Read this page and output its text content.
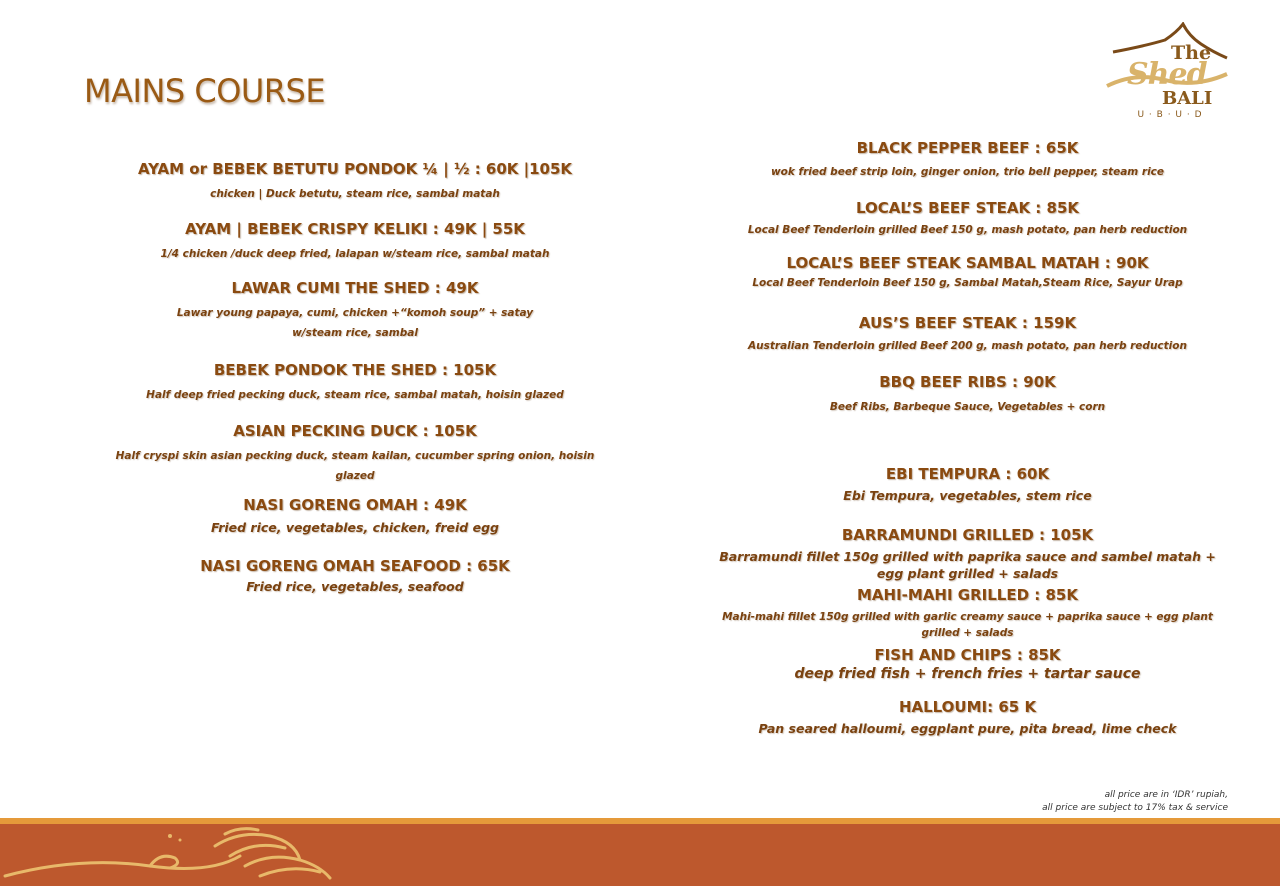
MAINS COURSE
The
Shed
BALI
U · B · U · D
AYAM or BEBEK BETUTU PONDOK ¼ | ½ : 60K |105K
chicken | Duck betutu, steam rice, sambal matah
AYAM | BEBEK CRISPY KELIKI : 49K | 55K
1/4 chicken /duck deep fried, lalapan w/steam rice, sambal matah
LAWAR CUMI THE SHED : 49K
Lawar young papaya, cumi, chicken +“komoh soup” + satay
w/steam rice, sambal
BEBEK PONDOK THE SHED : 105K
Half deep fried pecking duck, steam rice, sambal matah, hoisin glazed
ASIAN PECKING DUCK : 105K
Half cryspi skin asian pecking duck, steam kailan, cucumber spring onion, hoisin glazed
NASI GORENG OMAH : 49K
Fried rice, vegetables, chicken, freid egg
NASI GORENG OMAH SEAFOOD : 65K
Fried rice, vegetables, seafood
BLACK PEPPER BEEF : 65K
wok fried beef strip loin, ginger onion, trio bell pepper, steam rice
LOCAL’S BEEF STEAK : 85K
Local Beef Tenderloin grilled Beef 150 g, mash potato, pan herb reduction
LOCAL’S BEEF STEAK SAMBAL MATAH : 90K
Local Beef Tenderloin Beef 150 g, Sambal Matah,Steam Rice, Sayur Urap
AUS’S BEEF STEAK : 159K
Australian Tenderloin grilled Beef 200 g, mash potato, pan herb reduction
BBQ BEEF RIBS : 90K
Beef Ribs, Barbeque Sauce, Vegetables + corn
EBI TEMPURA : 60K
Ebi Tempura, vegetables, stem rice
BARRAMUNDI GRILLED : 105K
Barramundi fillet 150g grilled with paprika sauce and sambel matah + egg plant grilled + salads
MAHI-MAHI GRILLED : 85K
Mahi-mahi fillet 150g grilled with garlic creamy sauce + paprika sauce + egg plant grilled + salads
FISH AND CHIPS : 85K
deep fried fish + french fries + tartar sauce
HALLOUMI: 65 K
Pan seared halloumi, eggplant pure, pita bread, lime check
all price are in ‘IDR’ rupiah,
all price are subject to 17% tax & service
